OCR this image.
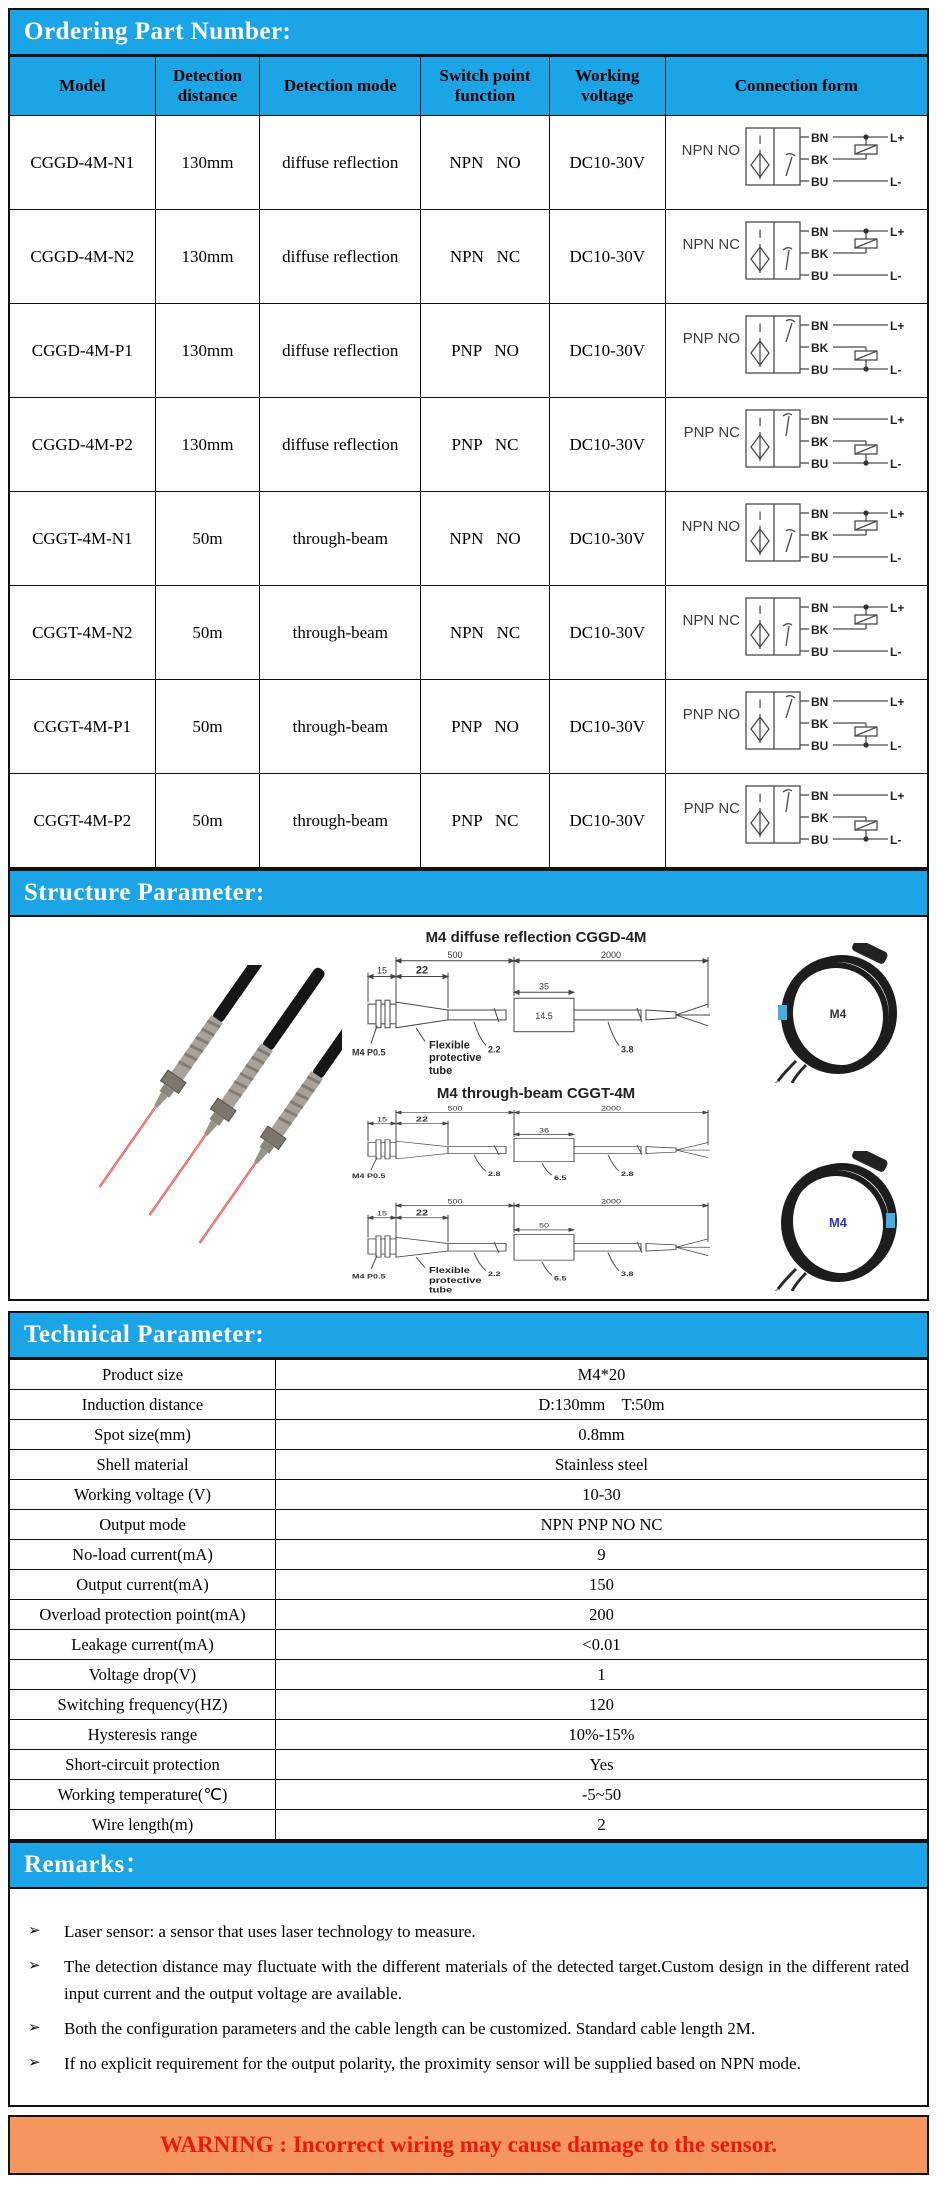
Ordering Part Number:
Model	Detection distance	Detection mode	Switch point function	Working voltage	Connection form
CGGD-4M-N1	130mm	diffuse reflection	NPN   NO	DC10-30V	
NPN NO
I	BN
BK
BU
L+
L-

CGGD-4M-N2	130mm	diffuse reflection	NPN   NC	DC10-30V	
NPN NC
I	BN
BK
BU
L+
L-

CGGD-4M-P1	130mm	diffuse reflection	PNP   NO	DC10-30V	
PNP NO
I	BN
BK
BU
L+
L-

CGGD-4M-P2	130mm	diffuse reflection	PNP   NC	DC10-30V	
PNP NC
I	BN
BK
BU
L+
L-

CGGT-4M-N1	50m	through-beam	NPN   NO	DC10-30V	
NPN NO
I	BN
BK
BU
L+
L-

CGGT-4M-N2	50m	through-beam	NPN   NC	DC10-30V	
NPN NC
I	BN
BK
BU
L+
L-

CGGT-4M-P1	50m	through-beam	PNP   NO	DC10-30V	
PNP NO
I	BN
BK
BU
L+
L-

CGGT-4M-P2	50m	through-beam	PNP   NC	DC10-30V	
PNP NC
I	BN
BK
BU
L+
L-
Structure Parameter:
M4 diffuse reflection CGGD-4M
500	2000
15	22
35
14.5
M4 P0.5	2.2	3.8
Flexible
protective
tube
M4
M4 through-beam CGGT-4M
500	2000
15	22
36
M4 P0.5	2.8
6.5
2.8
500	2000
15	22
50
M4 P0.5	2.2
6.5
3.8
Flexible
protective
tube
M4
Technical Parameter:
Product size	M4*20
Induction distance	D:130mm    T:50m
Spot size(mm)	0.8mm
Shell material	Stainless steel
Working voltage (V)	10-30
Output mode	NPN PNP NO NC
No-load current(mA)	9
Output current(mA)	150
Overload protection point(mA)	200
Leakage current(mA)	<0.01
Voltage drop(V)	1
Switching frequency(HZ)	120
Hysteresis range	10%-15%
Short-circuit protection	Yes
Working temperature(℃)	-5~50
Wire length(m)	2
Remarks：
➢	Laser sensor: a sensor that uses laser technology to measure.
➢	The detection distance may fluctuate with the different materials of the detected target.Custom design in the different rated input current and the output voltage are available.
➢	Both the configuration parameters and the cable length can be customized. Standard cable length 2M.
➢	If no explicit requirement for the output polarity, the proximity sensor will be supplied based on NPN mode.
WARNING : Incorrect wiring may cause damage to the sensor.
